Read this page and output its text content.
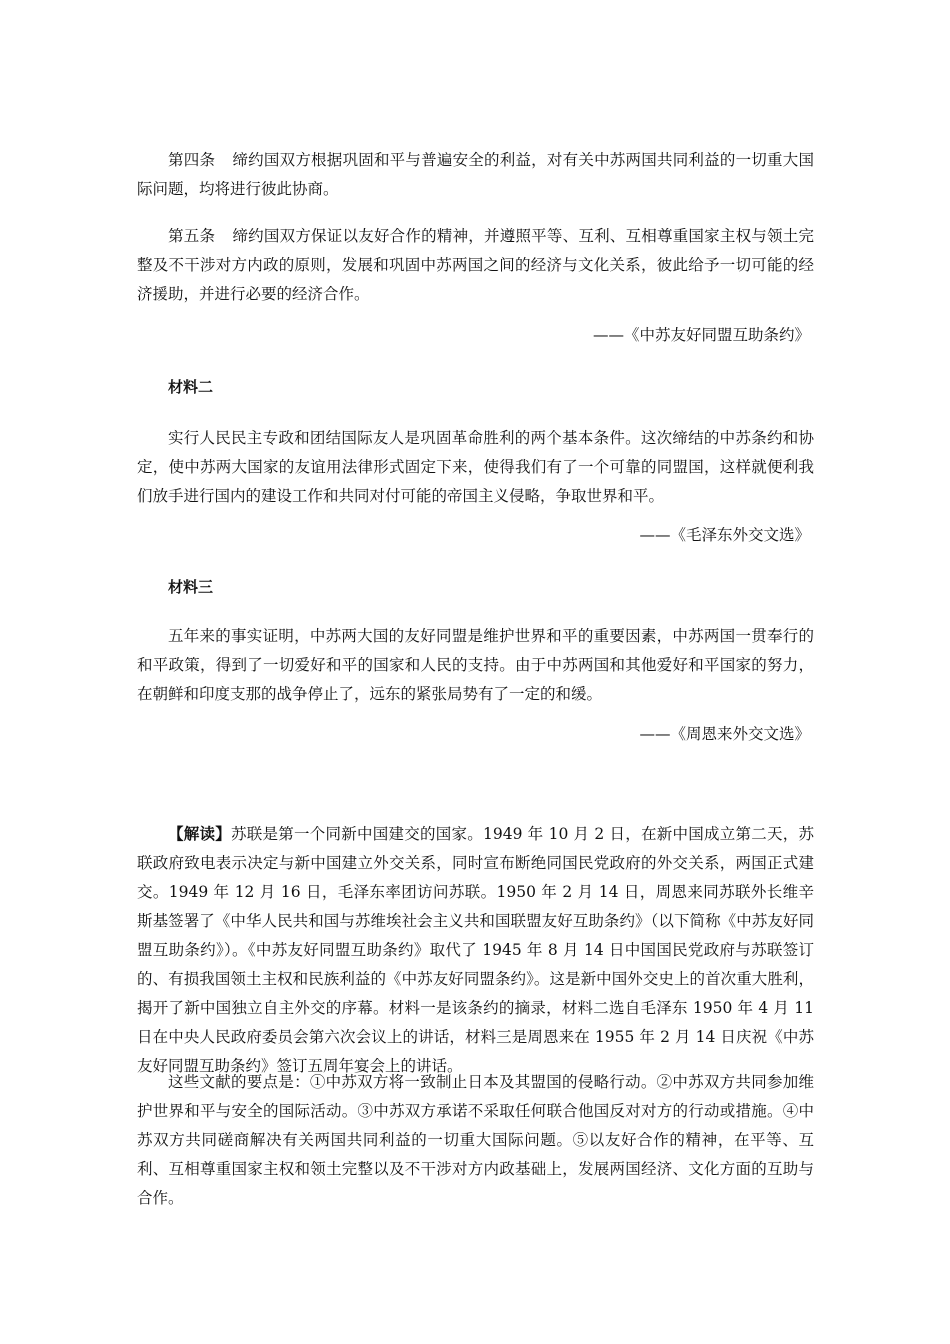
第四条 缔约国双方根据巩固和平与普遍安全的利益，对有关中苏两国共同利益的一切重大国际问题，均将进行彼此协商。

第五条 缔约国双方保证以友好合作的精神，并遵照平等、互利、互相尊重国家主权与领土完整及不干涉对方内政的原则，发展和巩固中苏两国之间的经济与文化关系，彼此给予一切可能的经济援助，并进行必要的经济合作。

——《中苏友好同盟互助条约》

材料二

实行人民民主专政和团结国际友人是巩固革命胜利的两个基本条件。这次缔结的中苏条约和协定，使中苏两大国家的友谊用法律形式固定下来，使得我们有了一个可靠的同盟国，这样就便利我们放手进行国内的建设工作和共同对付可能的帝国主义侵略，争取世界和平。

——《毛泽东外交文选》

材料三

五年来的事实证明，中苏两大国的友好同盟是维护世界和平的重要因素，中苏两国一贯奉行的和平政策，得到了一切爱好和平的国家和人民的支持。由于中苏两国和其他爱好和平国家的努力，在朝鲜和印度支那的战争停止了，远东的紧张局势有了一定的和缓。

——《周恩来外交文选》

【解读】苏联是第一个同新中国建交的国家。1949 年 10 月 2 日，在新中国成立第二天，苏联政府致电表示决定与新中国建立外交关系，同时宣布断绝同国民党政府的外交关系，两国正式建交。1949 年 12 月 16 日，毛泽东率团访问苏联。1950 年 2 月 14 日，周恩来同苏联外长维辛斯基签署了《中华人民共和国与苏维埃社会主义共和国联盟友好互助条约》（以下简称《中苏友好同盟互助条约》）。《中苏友好同盟互助条约》取代了 1945 年 8 月 14 日中国国民党政府与苏联签订的、有损我国领土主权和民族利益的《中苏友好同盟条约》。这是新中国外交史上的首次重大胜利，揭开了新中国独立自主外交的序幕。材料一是该条约的摘录，材料二选自毛泽东 1950 年 4 月 11 日在中央人民政府委员会第六次会议上的讲话，材料三是周恩来在 1955 年 2 月 14 日庆祝《中苏友好同盟互助条约》签订五周年宴会上的讲话。

这些文献的要点是：①中苏双方将一致制止日本及其盟国的侵略行动。②中苏双方共同参加维护世界和平与安全的国际活动。③中苏双方承诺不采取任何联合他国反对对方的行动或措施。④中苏双方共同磋商解决有关两国共同利益的一切重大国际问题。⑤以友好合作的精神，在平等、互利、互相尊重国家主权和领土完整以及不干涉对方内政基础上，发展两国经济、文化方面的互助与合作。
